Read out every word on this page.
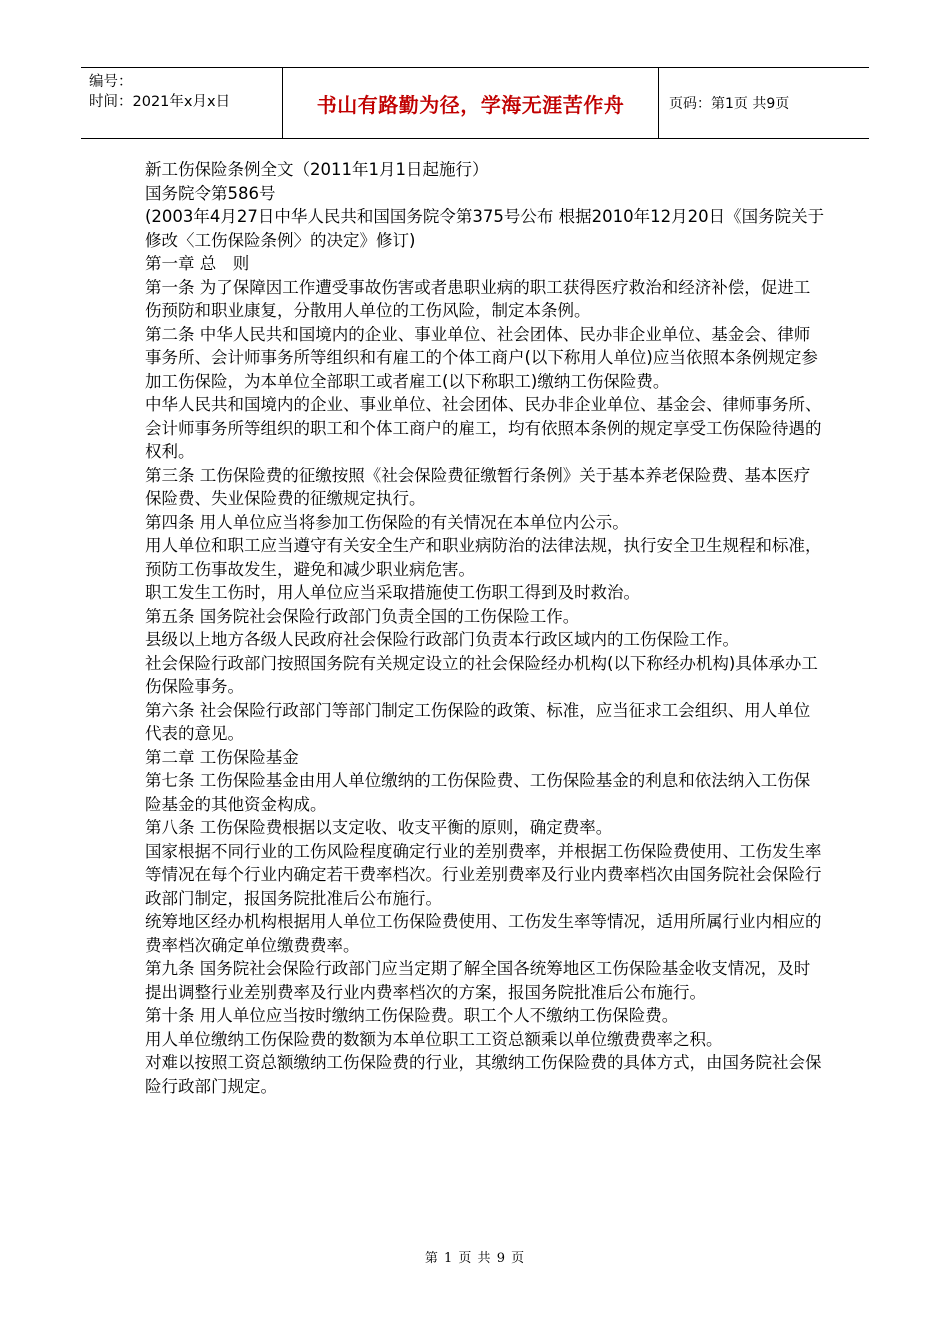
编号：
时间：2021年x月x日	书山有路勤为径，学海无涯苦作舟	页码：第1页 共9页

新工伤保险条例全文（2011年1月1日起施行）

国务院令第586号

(2003年4月27日中华人民共和国国务院令第375号公布 根据2010年12月20日《国务院关于修改〈工伤保险条例〉的决定》修订)

第一章 总　则

第一条 为了保障因工作遭受事故伤害或者患职业病的职工获得医疗救治和经济补偿，促进工伤预防和职业康复，分散用人单位的工伤风险，制定本条例。

第二条 中华人民共和国境内的企业、事业单位、社会团体、民办非企业单位、基金会、律师事务所、会计师事务所等组织和有雇工的个体工商户(以下称用人单位)应当依照本条例规定参加工伤保险，为本单位全部职工或者雇工(以下称职工)缴纳工伤保险费。

中华人民共和国境内的企业、事业单位、社会团体、民办非企业单位、基金会、律师事务所、会计师事务所等组织的职工和个体工商户的雇工，均有依照本条例的规定享受工伤保险待遇的权利。

第三条 工伤保险费的征缴按照《社会保险费征缴暂行条例》关于基本养老保险费、基本医疗保险费、失业保险费的征缴规定执行。

第四条 用人单位应当将参加工伤保险的有关情况在本单位内公示。

用人单位和职工应当遵守有关安全生产和职业病防治的法律法规，执行安全卫生规程和标准，预防工伤事故发生，避免和减少职业病危害。

职工发生工伤时，用人单位应当采取措施使工伤职工得到及时救治。

第五条 国务院社会保险行政部门负责全国的工伤保险工作。

县级以上地方各级人民政府社会保险行政部门负责本行政区域内的工伤保险工作。

社会保险行政部门按照国务院有关规定设立的社会保险经办机构(以下称经办机构)具体承办工伤保险事务。

第六条 社会保险行政部门等部门制定工伤保险的政策、标准，应当征求工会组织、用人单位代表的意见。

第二章 工伤保险基金

第七条 工伤保险基金由用人单位缴纳的工伤保险费、工伤保险基金的利息和依法纳入工伤保险基金的其他资金构成。

第八条 工伤保险费根据以支定收、收支平衡的原则，确定费率。

国家根据不同行业的工伤风险程度确定行业的差别费率，并根据工伤保险费使用、工伤发生率等情况在每个行业内确定若干费率档次。行业差别费率及行业内费率档次由国务院社会保险行政部门制定，报国务院批准后公布施行。

统筹地区经办机构根据用人单位工伤保险费使用、工伤发生率等情况，适用所属行业内相应的费率档次确定单位缴费费率。

第九条 国务院社会保险行政部门应当定期了解全国各统筹地区工伤保险基金收支情况，及时提出调整行业差别费率及行业内费率档次的方案，报国务院批准后公布施行。

第十条 用人单位应当按时缴纳工伤保险费。职工个人不缴纳工伤保险费。

用人单位缴纳工伤保险费的数额为本单位职工工资总额乘以单位缴费费率之积。

对难以按照工资总额缴纳工伤保险费的行业，其缴纳工伤保险费的具体方式，由国务院社会保险行政部门规定。

第 1 页 共 9 页
